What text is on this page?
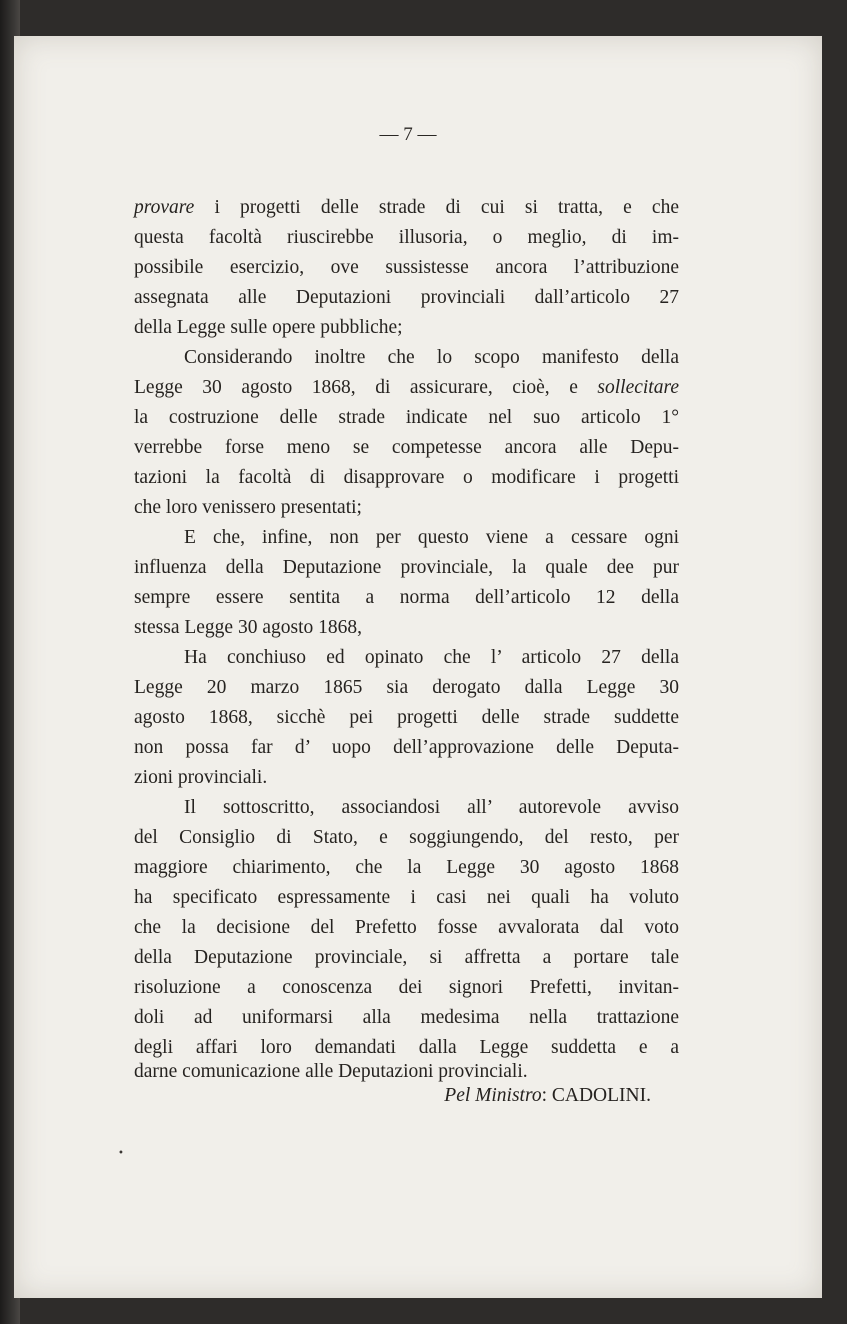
— 7 —
provare i progetti delle strade di cui si tratta, e che
questa facoltà riuscirebbe illusoria, o meglio, di im-
possibile esercizio, ove sussistesse ancora l’attribuzione
assegnata alle Deputazioni provinciali dall’articolo 27
della Legge sulle opere pubbliche;
Considerando inoltre che lo scopo manifesto della
Legge 30 agosto 1868, di assicurare, cioè, e sollecitare
la costruzione delle strade indicate nel suo articolo 1°
verrebbe forse meno se competesse ancora alle Depu-
tazioni la facoltà di disapprovare o modificare i progetti
che loro venissero presentati;
E che, infine, non per questo viene a cessare ogni
influenza della Deputazione provinciale, la quale dee pur
sempre essere sentita a norma dell’articolo 12 della
stessa Legge 30 agosto 1868,
Ha conchiuso ed opinato che l’ articolo 27 della
Legge 20 marzo 1865 sia derogato dalla Legge 30
agosto 1868, sicchè pei progetti delle strade suddette
non possa far d’ uopo dell’approvazione delle Deputa-
zioni provinciali.
Il sottoscritto, associandosi all’ autorevole avviso
del Consiglio di Stato, e soggiungendo, del resto, per
maggiore chiarimento, che la Legge 30 agosto 1868
ha specificato espressamente i casi nei quali ha voluto
che la decisione del Prefetto fosse avvalorata dal voto
della Deputazione provinciale, si affretta a portare tale
risoluzione a conoscenza dei signori Prefetti, invitan-
doli ad uniformarsi alla medesima nella trattazione
degli affari loro demandati dalla Legge suddetta e a
darne comunicazione alle Deputazioni provinciali.
Pel Ministro: CADOLINI.
•
